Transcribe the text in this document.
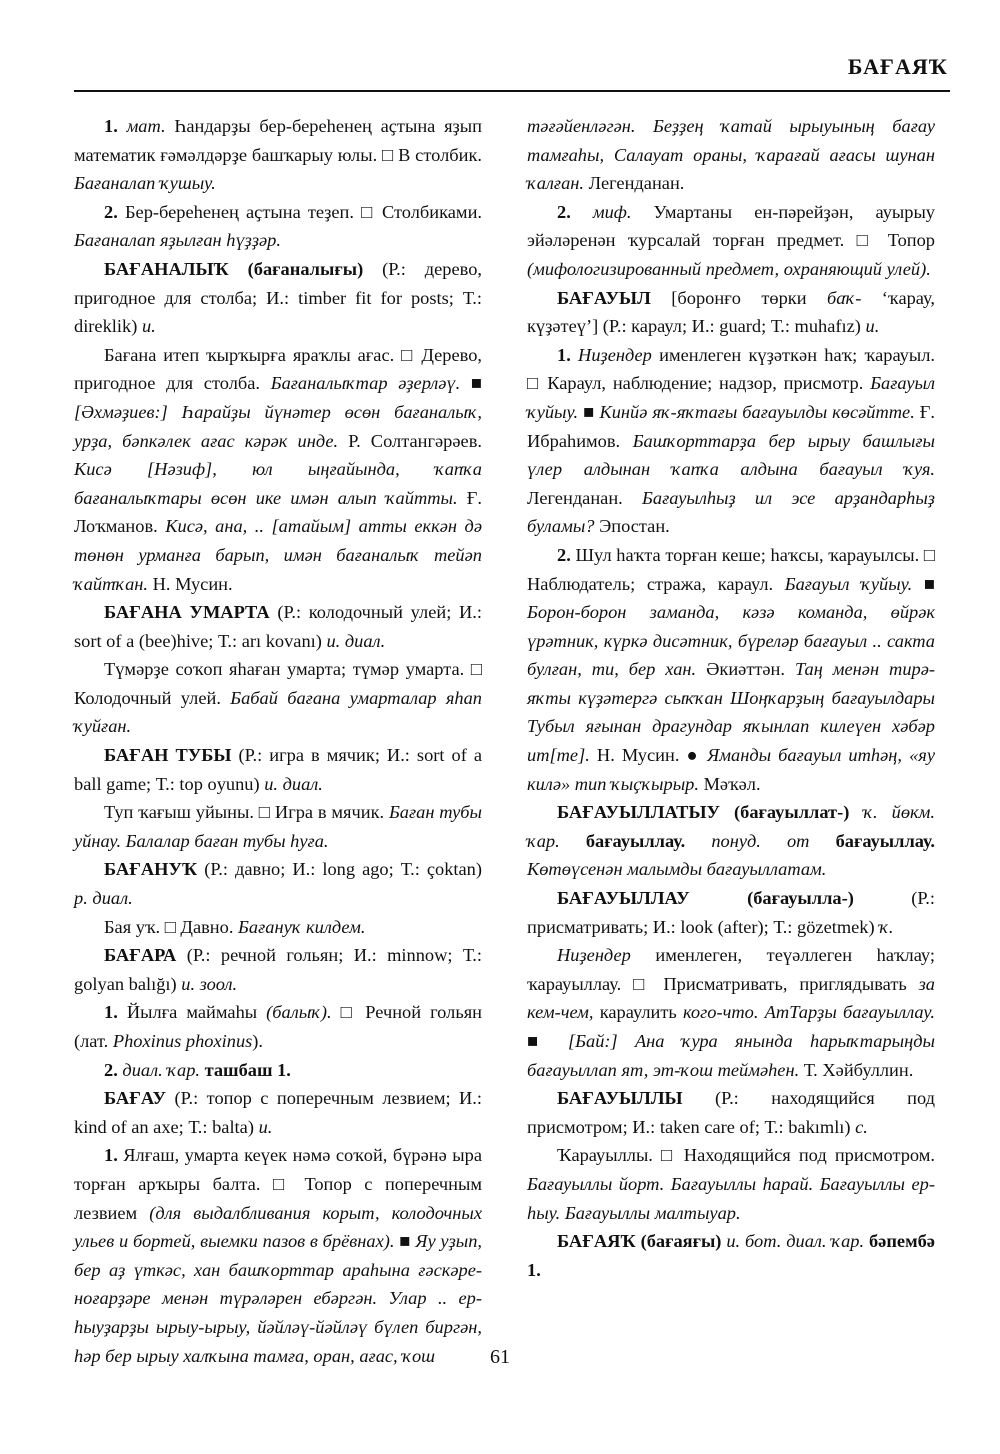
БАҒАЯҠ

1. мат. Һандарҙы бер-береһенең аҫтына яҙып математик ғәмәлдәрҙе башҡарыу юлы. □ В столбик. Бағаналап ҡушыу.

2. Бер-береһенең аҫтына теҙеп. □ Столбиками. Бағаналап яҙылған һүҙҙәр.

БАҒАНАЛЫҠ (бағаналығы) (Р.: дерево, пригодное для столба; И.: timber fit for posts; Т.: direklik) и.

Бағана итеп ҡырҡырға яраҡлы ағас. □ Дерево, пригодное для столба. Бағаналыҡтар әҙерләү. ■ [Әхмәҙиев:] Һарайҙы йүнәтер өсөн бағаналыҡ, урҙа, бәпкәлек ағас кәрәк инде. Р. Солтангәрәев. Кисә [Нәзиф], юл ыңғайында, ҡапҡа бағаналыҡтары өсөн ике имән алып ҡайтты. Ғ. Лоҡманов. Кисә, ана, .. [атайым] атты еккән дә төнөн урманға барып, имән бағаналыҡ тейәп ҡайтҡан. Н. Мусин.

БАҒАНА УМАРТА (Р.: колодочный улей; И.: sort of a (bee)hive; Т.: arı kovanı) и. диал.

Түмәрҙе соҡоп яһаған умарта; түмәр умарта. □ Колодочный улей. Бабай бағана умарталар яһап ҡуйған.

БАҒАН ТУБЫ (Р.: игра в мячик; И.: sort of a ball game; Т.: top oyunu) и. диал.

Туп ҡағыш уйыны. □ Игра в мячик. Баған тубы уйнау. Балалар баған тубы һуға.

БАҒАНУҠ (Р.: давно; И.: long ago; Т.: çoktan) р. диал.

Бая уҡ. □ Давно. Бағануҡ килдем.

БАҒАРА (Р.: речной гольян; И.: minnow; Т.: golyan balığı) и. зоол.

1. Йылға маймаһы (балыҡ). □ Речной гольян (лат. Phoxinus phoxinus).

2. диал. ҡар. ташбаш 1.

БАҒАУ (Р.: топор с поперечным лезвием; И.: kind of an axe; Т.: balta) и.

1. Ялғаш, умарта кеүек нәмә соҡой, бүрәнә ыра торған арҡыры балта. □ Топор с поперечным лезвием (для выдалбливания корыт, колодочных ульев и бортей, выемки пазов в брёвнах). ■ Яу уҙып, бер аҙ үткәс, хан башҡорттар араһына ғәскәре-ноғарҙәре менән түрәләрен ебәргән. Улар .. ер-һыуҙарҙы ырыу-ырыу, йәйләү-йәйләү бүлеп биргән, һәр бер ырыу халҡына тамға, оран, ағас, ҡош

тәғәйенләгән. Беҙҙең ҡатай ырыуының бағау тамғаһы, Салауат ораны, ҡарағай ағасы шунан ҡалған. Легенданан.

2. миф. Умартаны ен-пәрейҙән, ауырыу эйәләренән ҡурсалай торған предмет. □ Топор (мифологизированный предмет, охраняющий улей).

БАҒАУЫЛ [боронғо төрки баҡ- ‘ҡарау, күҙәтеү’] (Р.: караул; И.: guard; Т.: muhafız) и.

1. Ниҙендер именлеген күҙәткән һаҡ; ҡарауыл. □ Караул, наблюдение; надзор, присмотр. Бағауыл ҡуйыу. ■ Кинйә яҡ-яҡтағы бағауылды көсәйтте. Ғ. Ибраһимов. Башҡорттарҙа бер ырыу башлығы үлер алдынан ҡапҡа алдына бағауыл ҡуя. Легенданан. Бағауылһыҙ ил эсе арҙандарһыҙ буламы? Эпостан.

2. Шул һаҡта торған кеше; һаҡсы, ҡарауылсы. □ Наблюдатель; стража, караул. Бағауыл ҡуйыу. ■ Борон-борон заманда, кәзә команда, өйрәк үрәтник, күркә дисәтник, бүреләр бағауыл .. сакта булған, ти, бер хан. Әкиәттән. Таң менән тирә-яҡты күҙәтергә сыҡҡан Шоңҡарҙың бағауылдары Тубыл яғынан драгундар яҡынлап килеүен хәбәр ит[те]. Н. Мусин. ● Яманды бағауыл итһәң, «яу килә» тип ҡыҫҡырыр. Мәҡәл.

БАҒАУЫЛЛАТЫУ (бағауыллат-) ҡ. йөкм. ҡар. бағауыллау. понуд. от бағауыллау. Көтөүсенән малымды бағауыллатам.

БАҒАУЫЛЛАУ (бағауылла-) (Р.: присматривать; И.: look (after); Т.: gözetmek) ҡ.

Ниҙендер именлеген, теүәллеген һаҡлау; ҡарауыллау. □ Присматривать, приглядывать за кем-чем, караулить кого-что. АтТарҙы бағауыллау. ■ [Бай:] Ана ҡура янында һарыҡтарыңды бағауыллап ят, эт-ҡош теймәһен. Т. Хәйбуллин.

БАҒАУЫЛЛЫ (Р.: находящийся под присмотром; И.: taken care of; Т.: bakımlı) с.

Ҡарауыллы. □ Находящийся под присмотром. Бағауыллы йорт. Бағауыллы һарай. Бағауыллы ер-һыу. Бағауыллы малтыуар.

БАҒАЯҠ (бағаяғы) и. бот. диал. ҡар. бәпембә 1.

61
